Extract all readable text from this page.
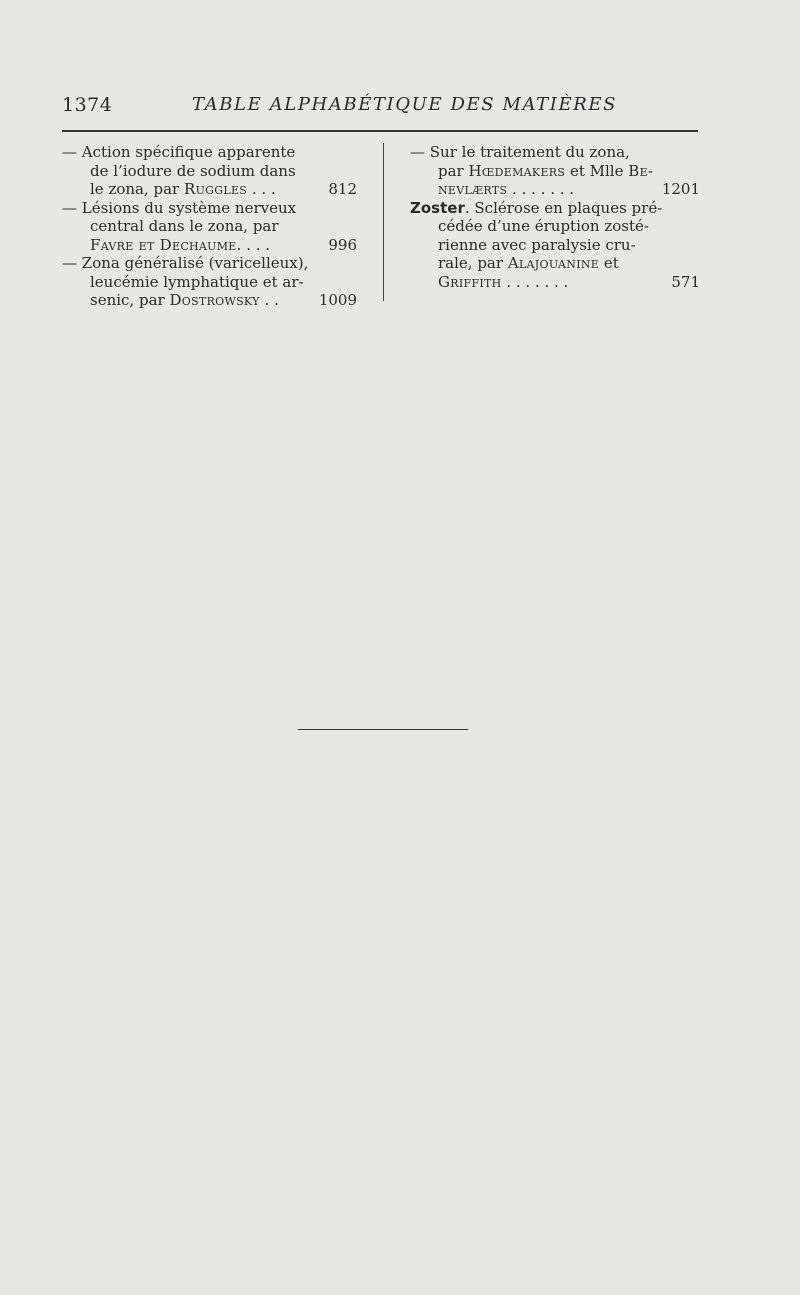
1374	TABLE ALPHABÉTIQUE DES MATIÈRES
— Action spécifique apparente
de l’iodure de sodium dans
le zona, par Ruggles . . .	812
— Lésions du système nerveux
central dans le zona, par
Favre et Dechaume. . . .	996
— Zona généralisé (varicelleux),
leucémie lymphatique et ar-
senic, par Dostrowsky . .	1009
— Sur le traitement du zona,
par Hœdemakers et Mlle Be-
nevlærts . . . . . . .	1201
Zoster. Sclérose en plaques pré-
cédée d’une éruption zosté-
rienne avec paralysie cru-
rale, par Alajouanine et
Griffith . . . . . . .	571
